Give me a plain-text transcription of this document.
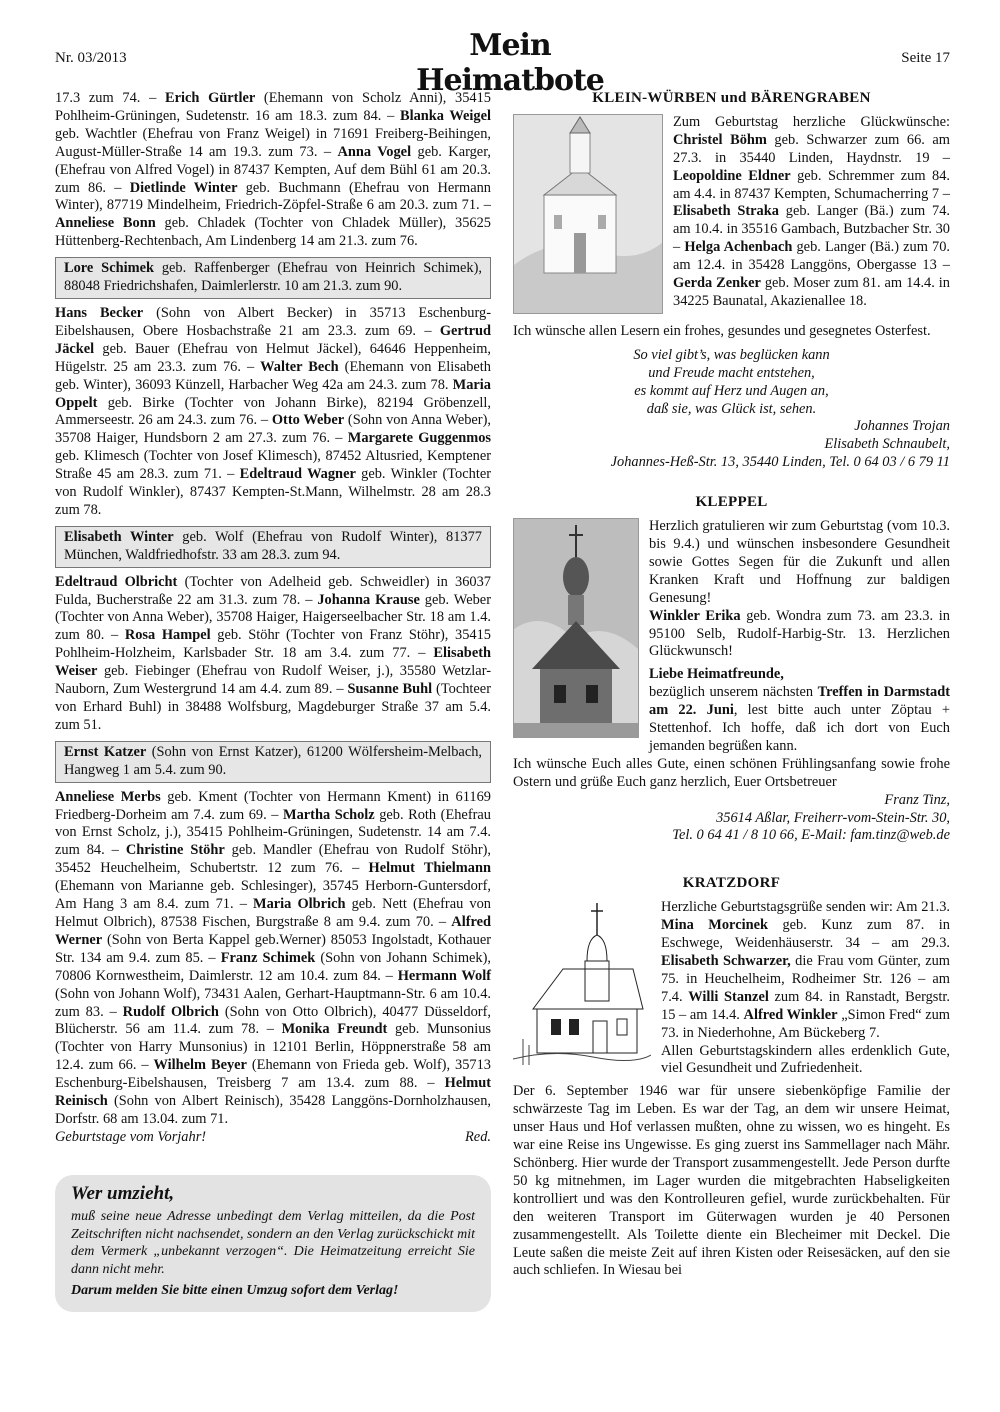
Nr. 03/2013	Mein Heimatbote
Seite 17

17.3 zum 74. – Erich Gürtler (Ehemann von Scholz Anni), 35415 Pohlheim-Grüningen, Sudetenstr. 16 am 18.3. zum 84. – Blanka Weigel geb. Wachtler (Ehefrau von Franz Weigel) in 71691 Freiberg-Beihingen, August-Müller-Straße 14 am 19.3. zum 73. – Anna Vogel geb. Karger, (Ehefrau von Alfred Vogel) in 87437 Kempten, Auf dem Bühl 61 am 20.3. zum 86. – Dietlinde Winter geb. Buchmann (Ehefrau von Hermann Winter), 87719 Mindelheim, Friedrich-Zöpfel-Straße 6 am 20.3. zum 71. – Anneliese Bonn geb. Chladek (Tochter von Chladek Müller), 35625 Hüttenberg-Rechtenbach, Am Lindenberg 14 am 21.3. zum 76.

Lore Schimek geb. Raffenberger (Ehefrau von Heinrich Schimek), 88048 Friedrichshafen, Daimlerlerstr. 10 am 21.3. zum 90.

Hans Becker (Sohn von Albert Becker) in 35713 Eschenburg-Eibelshausen, Obere Hosbachstraße 21 am 23.3. zum 69. – Gertrud Jäckel geb. Bauer (Ehefrau von Helmut Jäckel), 64646 Heppenheim, Hügelstr. 25 am 23.3. zum 76. – Walter Bech (Ehemann von Elisabeth geb. Winter), 36093 Künzell, Harbacher Weg 42a am 24.3. zum 78. Maria Oppelt geb. Birke (Tochter von Johann Birke), 82194 Gröbenzell, Ammerseestr. 26 am 24.3. zum 76. – Otto Weber (Sohn von Anna Weber), 35708 Haiger, Hundsborn 2 am 27.3. zum 76. – Margarete Guggenmos geb. Klimesch (Tochter von Josef Klimesch), 87452 Altusried, Kemptener Straße 45 am 28.3. zum 71. – Edeltraud Wagner geb. Winkler (Tochter von Rudolf Winkler), 87437 Kempten-St.Mann, Wilhelmstr. 28 am 28.3 zum 78.

Elisabeth Winter geb. Wolf (Ehefrau von Rudolf Winter), 81377 München, Waldfriedhofstr. 33 am 28.3. zum 94.

Edeltraud Olbricht (Tochter von Adelheid geb. Schweidler) in 36037 Fulda, Bucherstraße 22 am 31.3. zum 78. – Johanna Krause geb. Weber (Tochter von Anna Weber), 35708 Haiger, Haigerseelbacher Str. 18 am 1.4. zum 80. – Rosa Hampel geb. Stöhr (Tochter von Franz Stöhr), 35415 Pohlheim-Holzheim, Karlsbader Str. 18 am 3.4. zum 77. – Elisabeth Weiser geb. Fiebinger (Ehefrau von Rudolf Weiser, j.), 35580 Wetzlar-Nauborn, Zum Westergrund 14 am 4.4. zum 89. – Susanne Buhl (Tochteer von Erhard Buhl) in 38488 Wolfsburg, Magdeburger Straße 37 am 5.4. zum 51.

Ernst Katzer (Sohn von Ernst Katzer), 61200 Wölfersheim-Melbach, Hangweg 1 am 5.4. zum 90.

Anneliese Merbs geb. Kment (Tochter von Hermann Kment) in 61169 Friedberg-Dorheim am 7.4. zum 69. – Martha Scholz geb. Roth (Ehefrau von Ernst Scholz, j.), 35415 Pohlheim-Grüningen, Sudetenstr. 14 am 7.4. zum 84. – Christine Stöhr geb. Mandler (Ehefrau von Rudolf Stöhr), 35452 Heuchelheim, Schubertstr. 12 zum 76. – Helmut Thielmann (Ehemann von Marianne geb. Schlesinger), 35745 Herborn-Guntersdorf, Am Hang 3 am 8.4. zum 71. – Maria Olbrich geb. Nett (Ehefrau von Helmut Olbrich), 87538 Fischen, Burgstraße 8 am 9.4. zum 70. – Alfred Werner (Sohn von Berta Kappel geb.Werner) 85053 Ingolstadt, Kothauer Str. 134 am 9.4. zum 85. – Franz Schimek (Sohn von Johann Schimek), 70806 Kornwestheim, Daimlerstr. 12 am 10.4. zum 84. – Hermann Wolf (Sohn von Johann Wolf), 73431 Aalen, Gerhart-Hauptmann-Str. 6 am 10.4. zum 83. – Rudolf Olbrich (Sohn von Otto Olbrich), 40477 Düsseldorf, Blücherstr. 56 am 11.4. zum 78. – Monika Freundt geb. Munsonius (Tochter von Harry Munsonius) in 12101 Berlin, Höppnerstraße 58 am 12.4. zum 66. – Wilhelm Beyer (Ehemann von Frieda geb. Wolf), 35713 Eschenburg-Eibelshausen, Treisberg 7 am 13.4. zum 88. – Helmut Reinisch (Sohn von Albert Reinisch), 35428 Langgöns-Dornholzhausen, Dorfstr. 68 am 13.04. zum 71.

Geburtstage vom Vorjahr!	Red.
Wer umzieht,

muß seine neue Adresse unbedingt dem Verlag mitteilen, da die Post Zeitschriften nicht nachsendet, sondern an den Verlag zurückschickt mit dem Vermerk „unbekannt verzogen“. Die Heimatzeitung erreicht Sie dann nicht mehr.

Darum melden Sie bitte einen Umzug sofort dem Verlag!

KLEIN-WÜRBEN und BÄRENGRABEN

Zum Geburtstag herzliche Glückwünsche: Christel Böhm geb. Schwarzer zum 66. am 27.3. in 35440 Linden, Haydnstr. 19 – Leopoldine Eldner geb. Schremmer zum 84. am 4.4. in 87437 Kempten, Schumacherring 7 – Elisabeth Straka geb. Langer (Bä.) zum 74. am 10.4. in 35516 Gambach, Butzbacher Str. 30 – Helga Achenbach geb. Langer (Bä.) zum 70. am 12.4. in 35428 Langgöns, Obergasse 13 – Gerda Zenker geb. Moser zum 81. am 14.4. in 34225 Baunatal, Akazienallee 18.

Ich wünsche allen Lesern ein frohes, gesundes und gesegnetes Osterfest.

So viel gibt’s, was beglücken kann
und Freude macht entstehen,
es kommt auf Herz und Augen an,
daß sie, was Glück ist, sehen.
Johannes Trojan
Elisabeth Schnaubelt,
Johannes-Heß-Str. 13, 35440 Linden, Tel. 0 64 03 / 6 79 11
KLEPPEL

Herzlich gratulieren wir zum Geburtstag (vom 10.3. bis 9.4.) und wünschen insbesondere Gesundheit sowie Gottes Segen für die Zukunft und allen Kranken Kraft und Hoffnung zur baldigen Genesung!

Winkler Erika geb. Wondra zum 73. am 23.3. in 95100 Selb, Rudolf-Harbig-Str. 13. Herzlichen Glückwunsch!

Liebe Heimatfreunde,

bezüglich unserem nächsten Treffen in Darmstadt am 22. Juni, lest bitte auch unter Zöptau + Stettenhof. Ich hoffe, daß ich dort von Euch jemanden begrüßen kann.

Ich wünsche Euch alles Gute, einen schönen Frühlingsanfang sowie frohe Ostern und grüße Euch ganz herzlich, Euer Ortsbetreuer

Franz Tinz,
35614 Aßlar, Freiherr-vom-Stein-Str. 30,
Tel. 0 64 41 / 8 10 66, E-Mail: fam.tinz@web.de
KRATZDORF

Herzliche Geburtstagsgrüße senden wir: Am 21.3. Mina Morcinek geb. Kunz zum 87. in Eschwege, Weidenhäuserstr. 34 – am 29.3. Elisabeth Schwarzer, die Frau vom Günter, zum 75. in Heuchelheim, Rodheimer Str. 126 – am 7.4. Willi Stanzel zum 84. in Ranstadt, Bergstr. 15 – am 14.4. Alfred Winkler „Simon Fred“ zum 73. in Niederhohne, Am Bückeberg 7.

Allen Geburtstagskindern alles erdenklich Gute, viel Gesundheit und Zufriedenheit.

Der 6. September 1946 war für unsere siebenköpfige Familie der schwärzeste Tag im Leben. Es war der Tag, an dem wir unsere Heimat, unser Haus und Hof verlassen mußten, ohne zu wissen, wo es hingeht. Es war eine Reise ins Ungewisse. Es ging zuerst ins Sammellager nach Mähr. Schönberg. Hier wurde der Transport zusammengestellt. Jede Person durfte 50 kg mitnehmen, im Lager wurden die mitgebrachten Habseligkeiten kontrolliert und was den Kontrolleuren gefiel, wurde zurückbehalten. Für den weiteren Transport im Güterwagen wurden je 40 Personen zusammengestellt. Als Toilette diente ein Blecheimer mit Deckel. Die Leute saßen die meiste Zeit auf ihren Kisten oder Reisesäcken, auf den sie auch schliefen. In Wiesau bei
